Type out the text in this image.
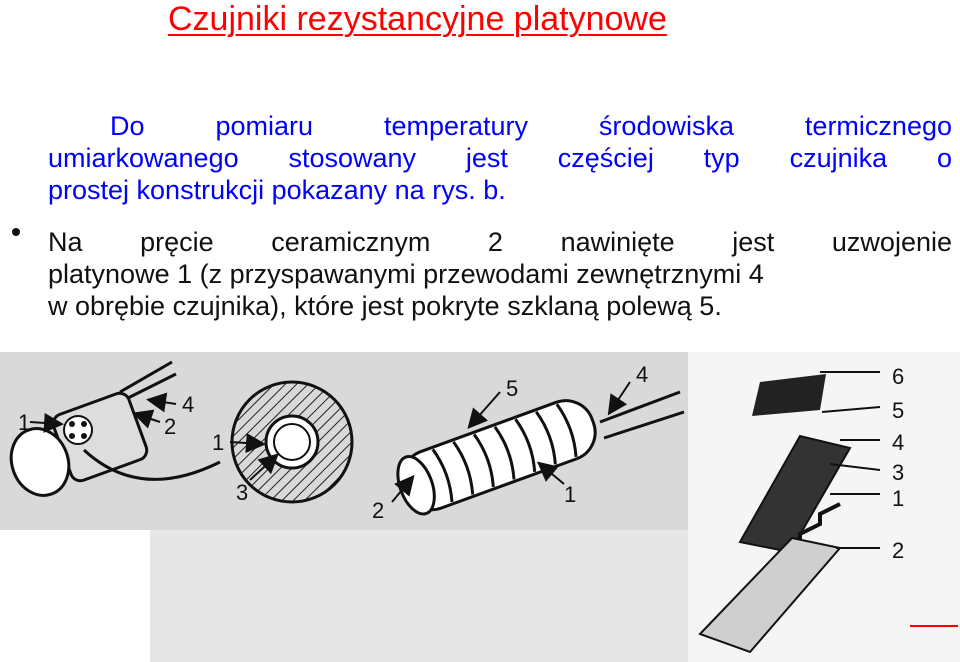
Czujniki rezystancyjne platynowe
Do pomiaru temperatury środowiska termicznego
umiarkowanego stosowany jest częściej typ czujnika o
prostej konstrukcji pokazany na rys. b.
Na pręcie ceramicznym 2 nawinięte jest uzwojenie
platynowe 1 (z przyspawanymi przewodami zewnętrznymi 4
w obrębie czujnika), które jest pokryte szklaną polewą 5.
1	2
4
1
3
5
4
2
1
6
5
4
3
1
2
